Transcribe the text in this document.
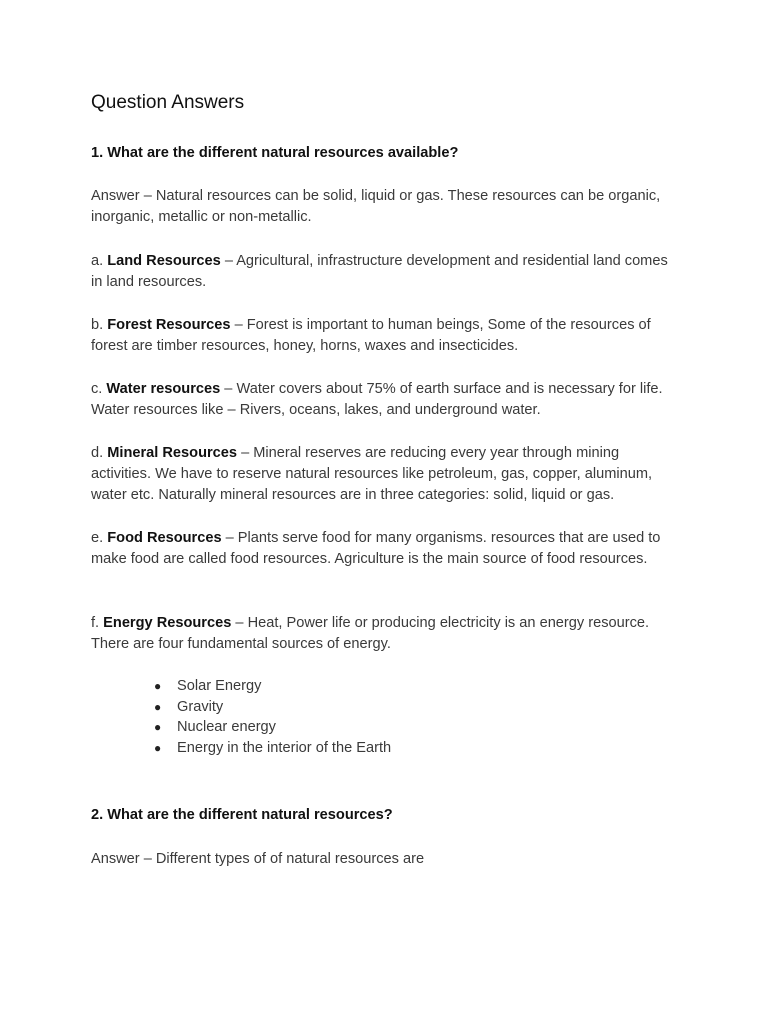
Question Answers

1. What are the different natural resources available?

Answer – Natural resources can be solid, liquid or gas. These resources can be organic, inorganic, metallic or non-metallic.

a. Land Resources – Agricultural, infrastructure development and residential land comes in land resources.

b. Forest Resources – Forest is important to human beings, Some of the resources of forest are timber resources, honey, horns, waxes and insecticides.

c. Water resources – Water covers about 75% of earth surface and is necessary for life. Water resources like – Rivers, oceans, lakes, and underground water.

d. Mineral Resources – Mineral reserves are reducing every year through mining activities. We have to reserve natural resources like petroleum, gas, copper, aluminum, water etc. Naturally mineral resources are in three categories: solid, liquid or gas.

e. Food Resources – Plants serve food for many organisms. resources that are used to make food are called food resources. Agriculture is the main source of food resources.

f. Energy Resources – Heat, Power life or producing electricity is an energy resource. There are four fundamental sources of energy.

● Solar Energy
● Gravity
● Nuclear energy
● Energy in the interior of the Earth

2. What are the different natural resources?

Answer – Different types of of natural resources are
